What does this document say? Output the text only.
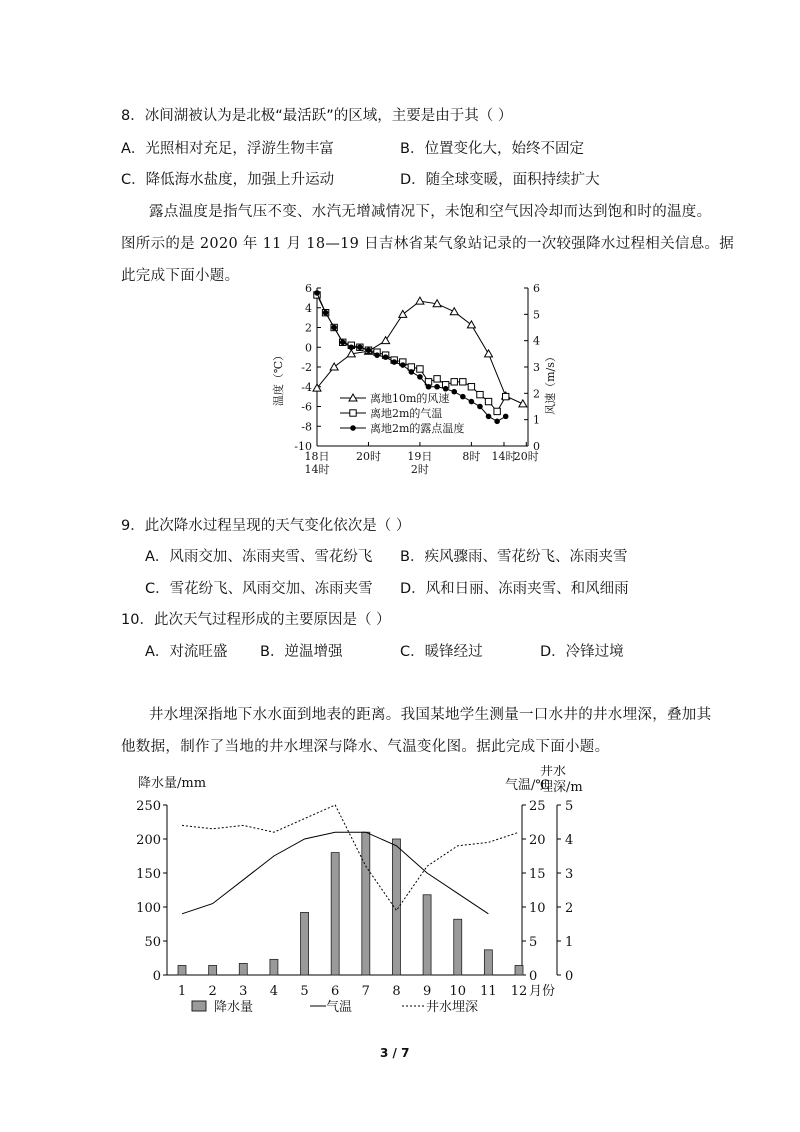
8．冰间湖被认为是北极“最活跃”的区域，主要是由于其（ ）
A．光照相对充足，浮游生物丰富	B．位置变化大，始终不固定
C．降低海水盐度，加强上升运动	D．随全球变暖，面积持续扩大
露点温度是指气压不变、水汽无增减情况下，未饱和空气因冷却而达到饱和时的温度。
图所示的是 2020 年 11 月 18—19 日吉林省某气象站记录的一次较强降水过程相关信息。据
此完成下面小题。
6
4
2
0
-2
-4
-6
-8
-10
6
5
4
3
2
1
0
18日
14时
20时 19日
2时
8时 14时
20时
温度（℃）	风速（m/s）
离地10m的风速
离地2m的气温
离地2m的露点温度
9．此次降水过程呈现的天气变化依次是（ ）
A．风雨交加、冻雨夹雪、雪花纷飞 B．疾风骤雨、雪花纷飞、冻雨夹雪
C．雪花纷飞、风雨交加、冻雨夹雪 D．风和日丽、冻雨夹雪、和风细雨
10．此次天气过程形成的主要原因是（ ）
A．对流旺盛 B．逆温增强	C．暖锋经过	D．冷锋过境
井水埋深指地下水水面到地表的距离。我国某地学生测量一口水井的井水埋深，叠加其
他数据，制作了当地的井水埋深与降水、气温变化图。据此完成下面小题。
降水量/mm	气温/℃
井水
埋深/m
250
200
150
100
50
0
25
20
15
10
5
0
5
4
3
2
1
0
1 2 3 4 5 6 7 8 9 10 11 12 月份
降水量	气温	井水埋深
3 / 7
